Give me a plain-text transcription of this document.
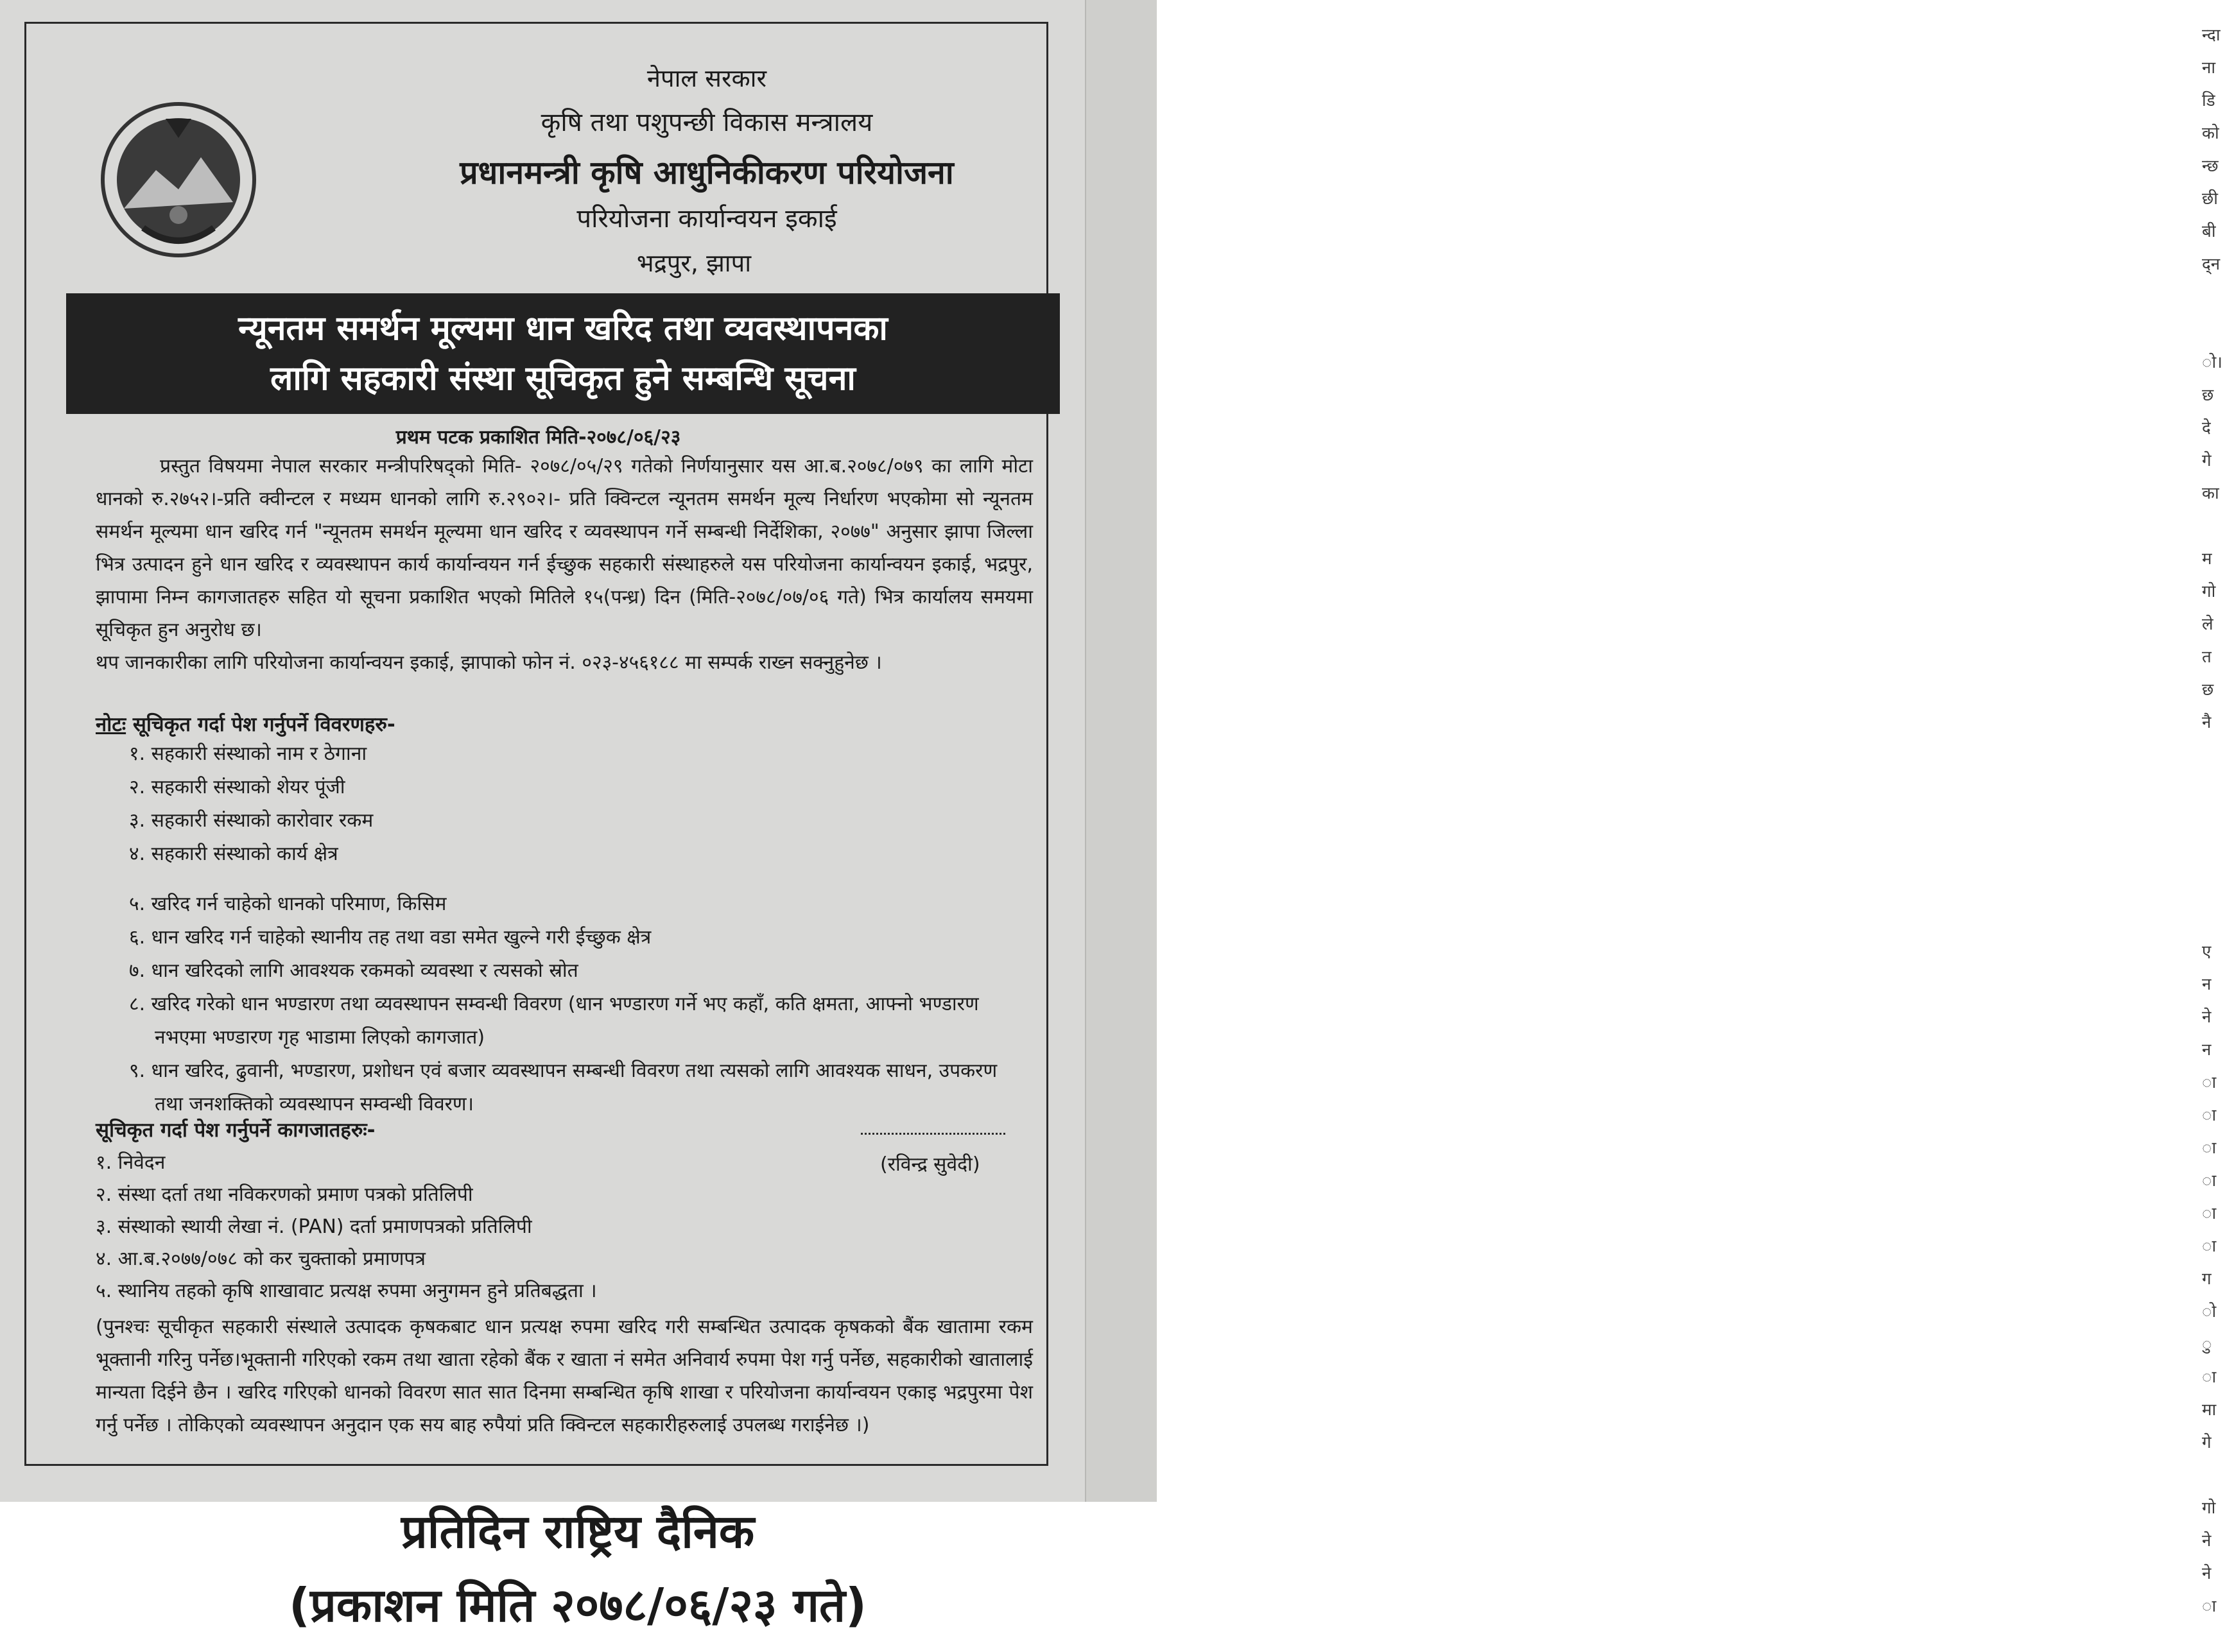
न्दा
ना
डि
को
न्छ
छी
बी
द्न

ो।
छ
दे
गे
का

म
गो
ले
त
छ
नै

ए
न
ने
न
ा
ा
ा
ा
ा
ा
ग
ो
ु
ा
मा
गे

गो
ने
ने
ा
नेपाल सरकार
कृषि तथा पशुपन्छी विकास मन्त्रालय
प्रधानमन्त्री कृषि आधुनिकीकरण परियोजना
परियोजना कार्यान्वयन इकाई
भद्रपुर, झापा
न्यूनतम समर्थन मूल्यमा धान खरिद तथा व्यवस्थापनका
लागि सहकारी संस्था सूचिकृत हुने सम्बन्धि सूचना
प्रथम पटक प्रकाशित मिति-२०७८/०६/२३

प्रस्तुत विषयमा नेपाल सरकार मन्त्रीपरिषद्को मिति- २०७८/०५/२९ गतेको निर्णयानुसार यस आ.ब.२०७८/०७९ का लागि मोटा धानको रु.२७५२।-प्रति क्वीन्टल र मध्यम धानको लागि रु.२९०२।- प्रति क्विन्टल न्यूनतम समर्थन मूल्य निर्धारण भएकोमा सो न्यूनतम समर्थन मूल्यमा धान खरिद गर्न "न्यूनतम समर्थन मूल्यमा धान खरिद र व्यवस्थापन गर्ने सम्बन्धी निर्देशिका, २०७७" अनुसार झापा जिल्ला भित्र उत्पादन हुने धान खरिद र व्यवस्थापन कार्य कार्यान्वयन गर्न ईच्छुक सहकारी संस्थाहरुले यस परियोजना कार्यान्वयन इकाई, भद्रपुर, झापामा निम्न कागजातहरु सहित यो सूचना प्रकाशित भएको मितिले १५(पन्ध्र) दिन (मिति-२०७८/०७/०६ गते) भित्र कार्यालय समयमा सूचिकृत हुन अनुरोध छ।

थप जानकारीका लागि परियोजना कार्यान्वयन इकाई, झापाको फोन नं. ०२३-४५६१८८ मा सम्पर्क राख्न सक्नुहुनेछ ।

नोटः सूचिकृत गर्दा पेश गर्नुपर्ने विवरणहरु-
१. सहकारी संस्थाको नाम र ठेगाना
२. सहकारी संस्थाको शेयर पूंजी
३. सहकारी संस्थाको कारोवार रकम
४. सहकारी संस्थाको कार्य क्षेत्र
५. खरिद गर्न चाहेको धानको परिमाण, किसिम
६. धान खरिद गर्न चाहेको स्थानीय तह तथा वडा समेत खुल्ने गरी ईच्छुक क्षेत्र
७. धान खरिदको लागि आवश्यक रकमको व्यवस्था र त्यसको स्रोत
८. खरिद गरेको धान भण्डारण तथा व्यवस्थापन सम्वन्धी विवरण (धान भण्डारण गर्ने भए कहाँ, कति क्षमता, आफ्नो भण्डारण नभएमा भण्डारण गृह भाडामा लिएको कागजात)
९. धान खरिद, ढुवानी, भण्डारण, प्रशोधन एवं बजार व्यवस्थापन सम्बन्धी विवरण तथा त्यसको लागि आवश्यक साधन, उपकरण तथा जनशक्तिको व्यवस्थापन सम्वन्धी विवरण।
सूचिकृत गर्दा पेश गर्नुपर्ने कागजातहरुः-
१. निवेदन
२. संस्था दर्ता तथा नविकरणको प्रमाण पत्रको प्रतिलिपी
३. संस्थाको स्थायी लेखा नं. (PAN) दर्ता प्रमाणपत्रको प्रतिलिपी
४. आ.ब.२०७७/०७८ को कर चुक्ताको प्रमाणपत्र
५. स्थानिय तहको कृषि शाखावाट प्रत्यक्ष रुपमा अनुगमन हुने प्रतिबद्धता ।
(रविन्द्र सुवेदी)
(पुनश्चः सूचीकृत सहकारी संस्थाले उत्पादक कृषकबाट धान प्रत्यक्ष रुपमा खरिद गरी सम्बन्धित उत्पादक कृषकको बैंक खातामा रकम भूक्तानी गरिनु पर्नेछ।भूक्तानी गरिएको रकम तथा खाता रहेको बैंक र खाता नं समेत अनिवार्य रुपमा पेश गर्नु पर्नेछ, सहकारीको खातालाई मान्यता दिईने छैन । खरिद गरिएको धानको विवरण सात सात दिनमा सम्बन्धित कृषि शाखा र परियोजना कार्यान्वयन एकाइ भद्रपुरमा पेश गर्नु पर्नेछ । तोकिएको व्यवस्थापन अनुदान एक सय बाह रुपैयां प्रति क्विन्टल सहकारीहरुलाई उपलब्ध गराईनेछ ।)
प्रतिदिन राष्ट्रिय दैनिक
(प्रकाशन मिति २०७८/०६/२३ गते)
